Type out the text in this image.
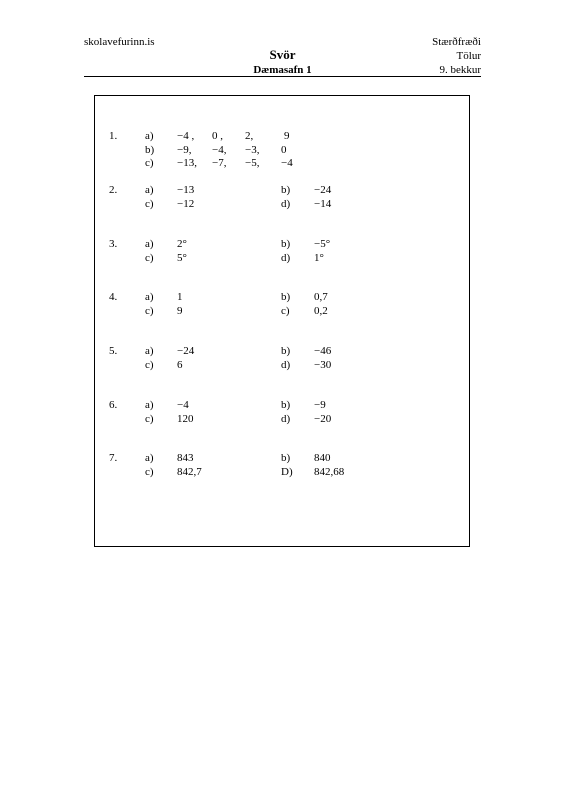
skolavefurinn.is	Stærðfræði
Svör	Tölur
Dæmasafn 1	9. bekkur
1.	a) −4 , 0 , 2,	9
b) −9, −4, −3, 0
c) −13, −7, −5, −4
2.	a) −13	b) −24
c) −12	d) −14
3.	a) 2°	b) −5°
c) 5°	d) 1°
4.	a) 1	b) 0,7
c) 9	c) 0,2
5.	a) −24	b) −46
c) 6	d) −30
6.	a) −4	b) −9
c) 120	d) −20
7.	a) 843	b) 840
c) 842,7	D) 842,68
